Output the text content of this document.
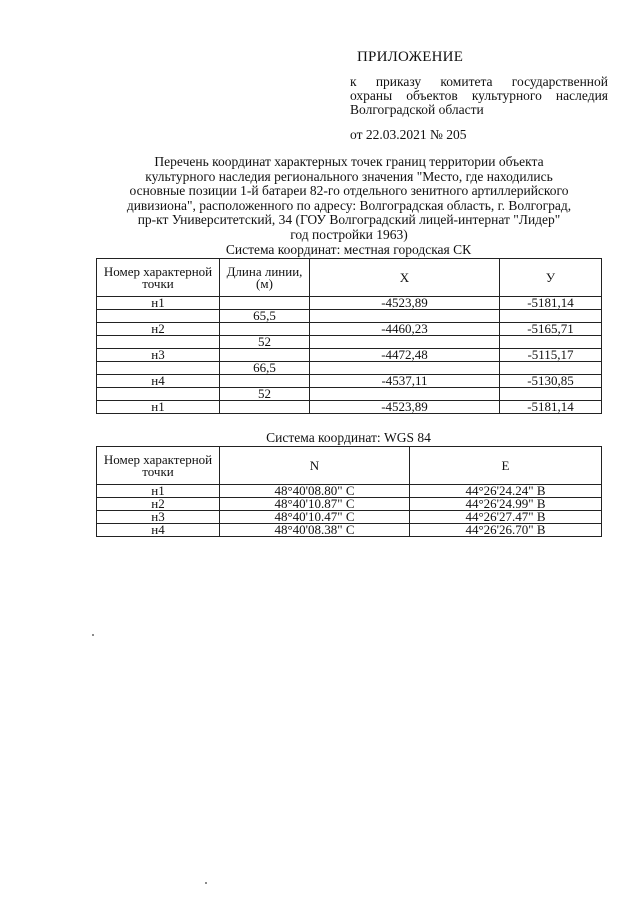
ПРИЛОЖЕНИЕ
к приказу комитета государственной
охраны объектов культурного наследия
Волгоградской области
от 22.03.2021 № 205
Перечень координат характерных точек границ территории объекта
культурного наследия регионального значения "Место, где находились
основные позиции 1-й батареи 82-го отдельного зенитного артиллерийского
дивизиона", расположенного по адресу: Волгоградская область, г. Волгоград,
пр-кт Университетский, 34 (ГОУ Волгоградский лицей-интернат "Лидер"
год постройки 1963)
Система координат: местная городская СК
Номер характерной точки	Длина линии, (м)	X	У
н1		-4523,89	-5181,14
	65,5		
н2		-4460,23	-5165,71
	52		
н3		-4472,48	-5115,17
	66,5		
н4		-4537,11	-5130,85
	52		
н1		-4523,89	-5181,14
Система координат: WGS 84
Номер характерной точки	N	E
н1	48°40'08.80" С	44°26'24.24" В
н2	48°40'10.87" С	44°26'24.99" В
н3	48°40'10.47" С	44°26'27.47" В
н4	48°40'08.38" С	44°26'26.70" В
